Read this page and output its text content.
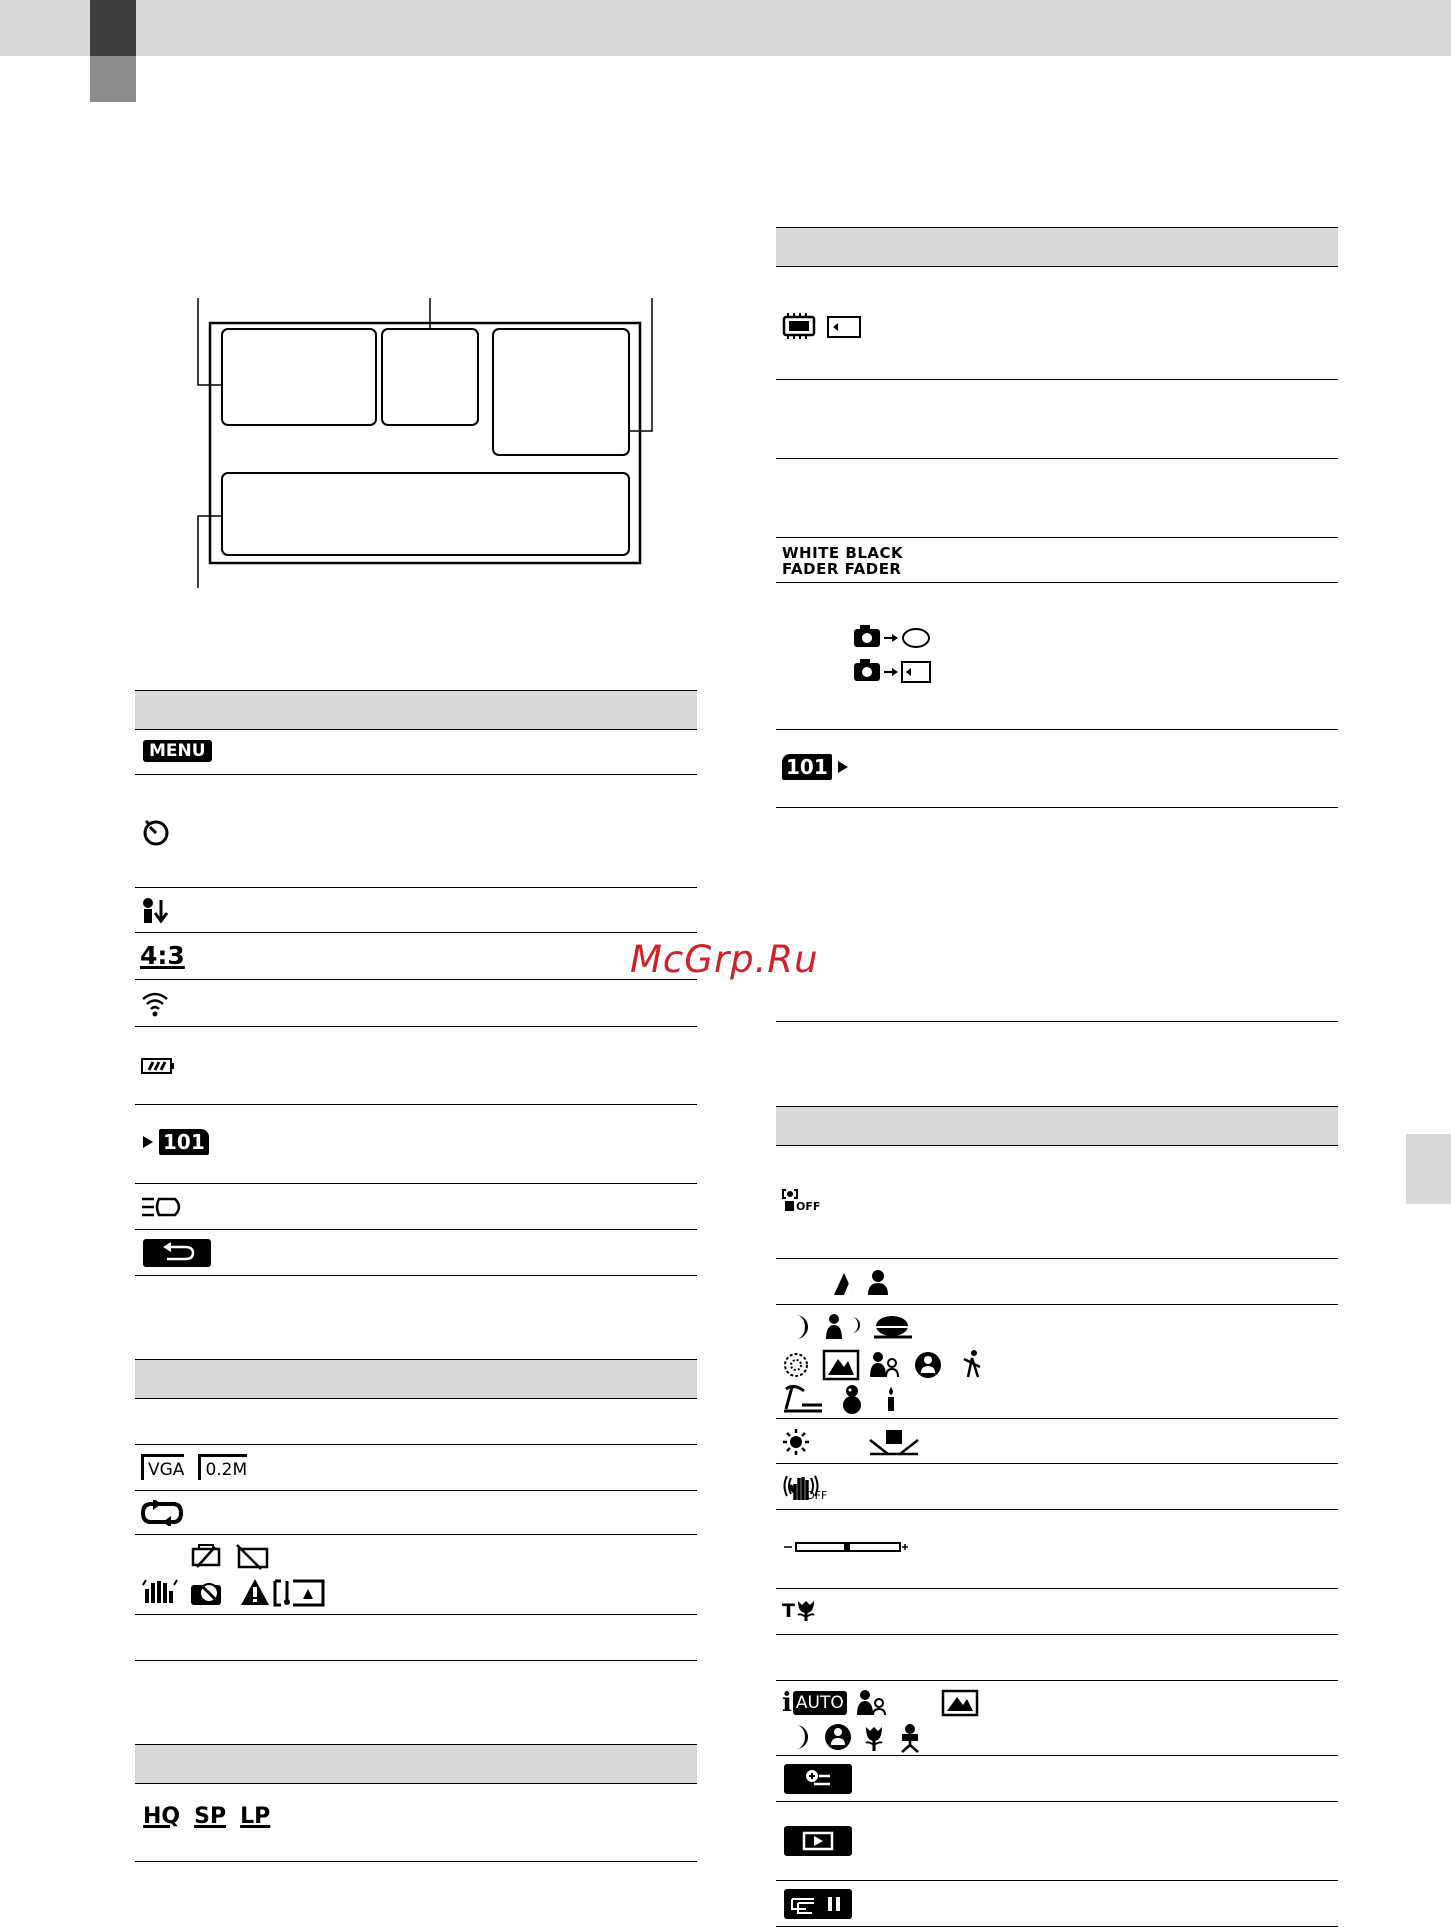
MENU
4:3
101
VGA	0.2M
HQ SP LP
WHITE BLACK
FADER FADER
101
OFF
OFF
T
i AUTO
McGrp.Ru
